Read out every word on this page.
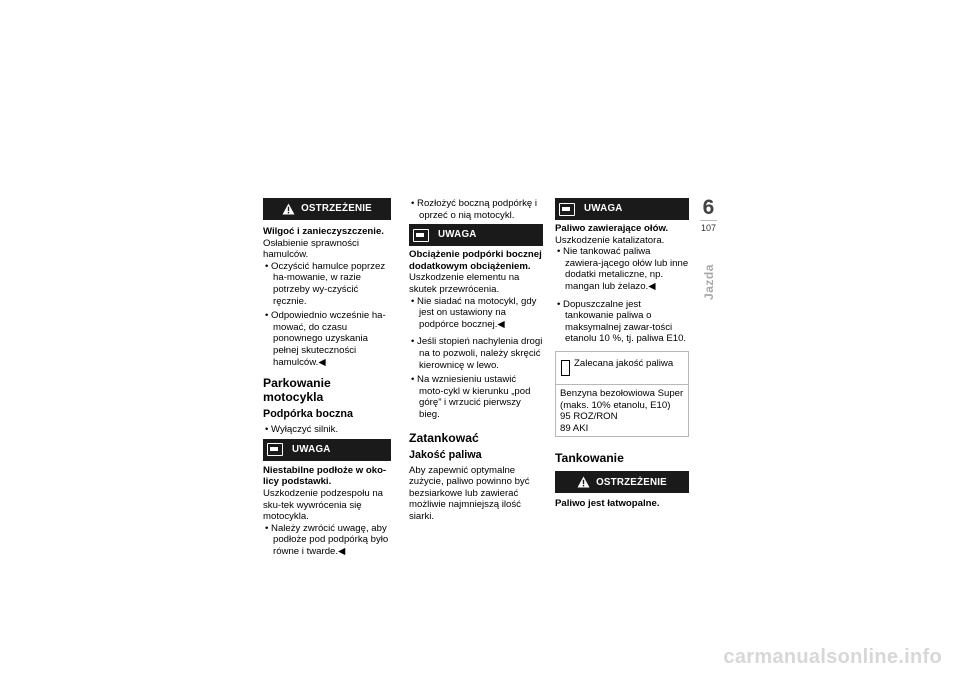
OSTRZEŻENIE

Wilgoć i zanieczyszczenie.

Osłabienie sprawności hamulców.

• Oczyścić hamulce poprzez ha-mowanie, w razie potrzeby wy-czyścić ręcznie.

• Odpowiednio wcześnie ha-mować, do czasu ponownego uzyskania pełnej skuteczności hamulców.◀

Parkowanie motocykla
Podpórka boczna

• Wyłączyć silnik.

UWAGA

Niestabilne podłoże w oko-licy podstawki.

Uszkodzenie podzespołu na sku-tek wywrócenia się motocykla.

• Należy zwrócić uwagę, aby podłoże pod podpórką było równe i twarde.◀

• Rozłożyć boczną podpórkę i oprzeć o nią motocykl.

UWAGA

Obciążenie podpórki bocznej dodatkowym obciążeniem.

Uszkodzenie elementu na skutek przewrócenia.

• Nie siadać na motocykl, gdy jest on ustawiony na podpórce bocznej.◀

• Jeśli stopień nachylenia drogi na to pozwoli, należy skręcić kierownicę w lewo.

• Na wzniesieniu ustawić moto-cykl w kierunku „pod górę” i wrzucić pierwszy bieg.

Zatankować
Jakość paliwa

Aby zapewnić optymalne zużycie, paliwo powinno być bezsiarkowe lub zawierać możliwie najmniejszą ilość siarki.

UWAGA

Paliwo zawierające ołów.

Uszkodzenie katalizatora.

• Nie tankować paliwa zawiera-jącego ołów lub inne dodatki metaliczne, np. mangan lub żelazo.◀

• Dopuszczalne jest tankowanie paliwa o maksymalnej zawar-tości etanolu 10 %, tj. paliwa E10.

Zalecana jakość paliwa

Benzyna bezołowiowa Super

(maks. 10% etanolu, E10)

95 ROZ/RON

89 AKI

Tankowanie
OSTRZEŻENIE

Paliwo jest łatwopalne.

6
107
Jazda
carmanualsonline.info
